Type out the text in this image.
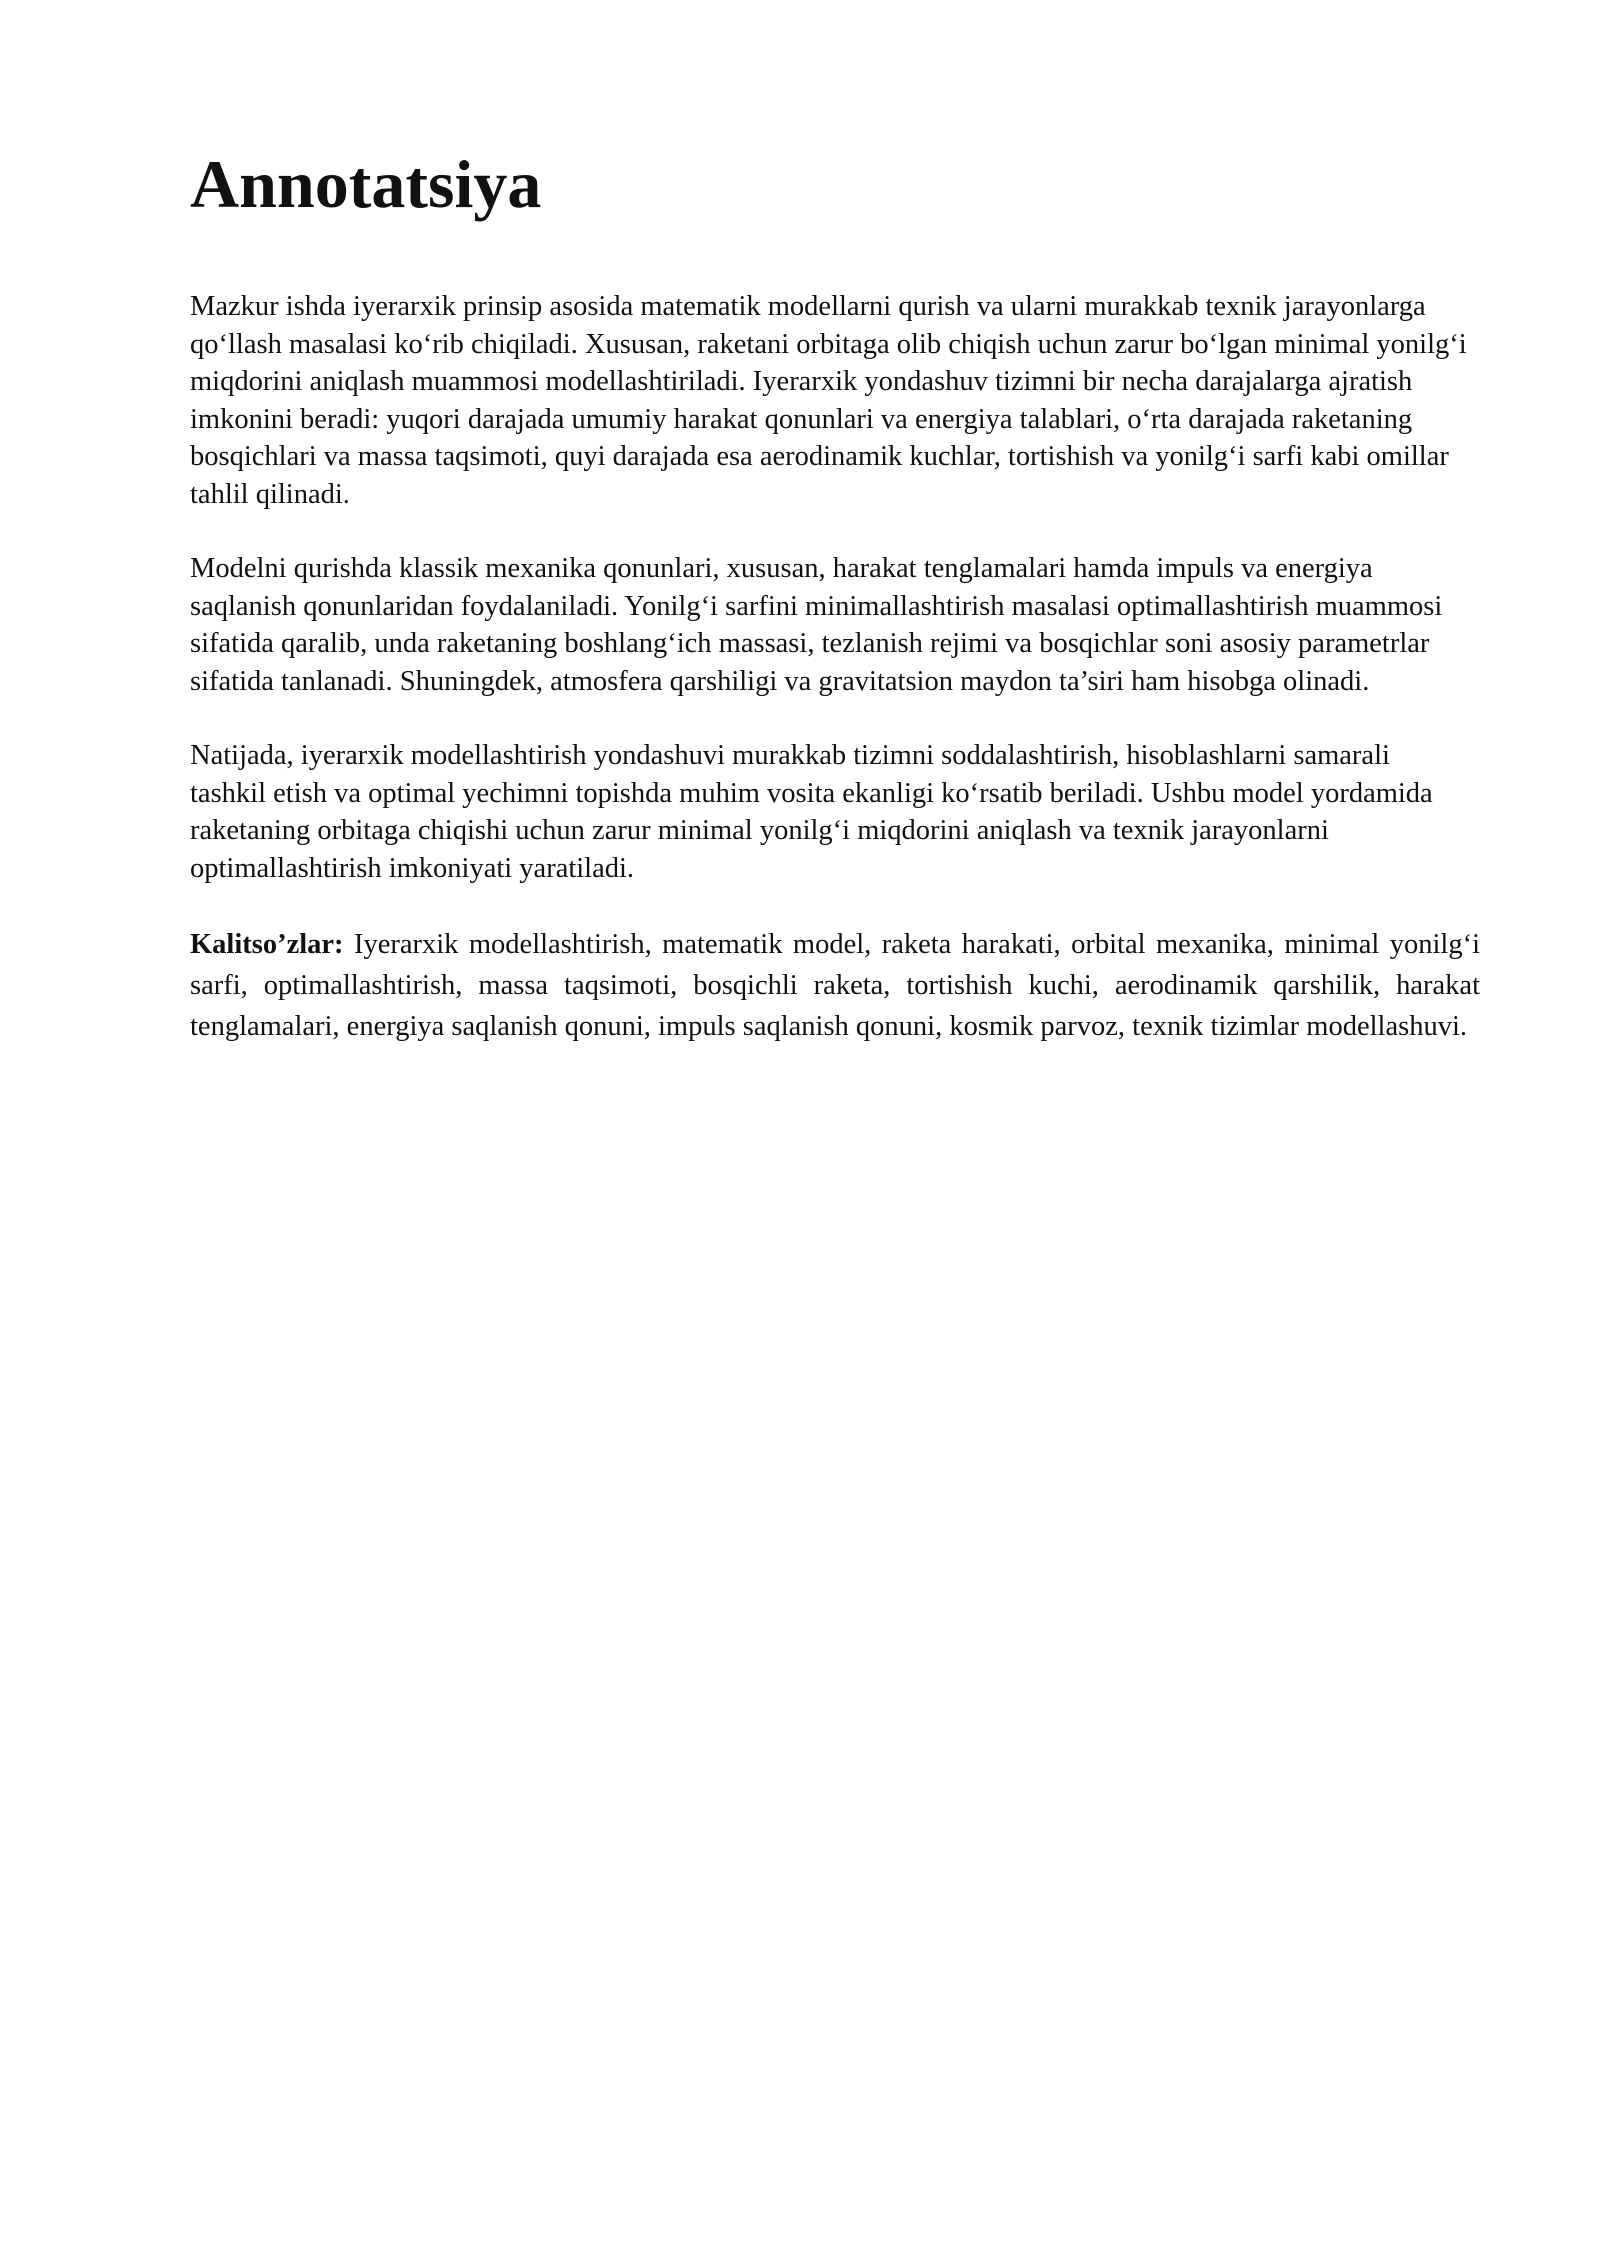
Annotatsiya

Mazkur ishda iyerarxik prinsip asosida matematik modellarni qurish va ularni murakkab texnik jarayonlarga qo‘llash masalasi ko‘rib chiqiladi. Xususan, raketani orbitaga olib chiqish uchun zarur bo‘lgan minimal yonilg‘i miqdorini aniqlash muammosi modellashtiriladi. Iyerarxik yondashuv tizimni bir necha darajalarga ajratish imkonini beradi: yuqori darajada umumiy harakat qonunlari va energiya talablari, o‘rta darajada raketaning bosqichlari va massa taqsimoti, quyi darajada esa aerodinamik kuchlar, tortishish va yonilg‘i sarfi kabi omillar tahlil qilinadi.

Modelni qurishda klassik mexanika qonunlari, xususan, harakat tenglamalari hamda impuls va energiya saqlanish qonunlaridan foydalaniladi. Yonilg‘i sarfini minimallashtirish masalasi optimallashtirish muammosi sifatida qaralib, unda raketaning boshlang‘ich massasi, tezlanish rejimi va bosqichlar soni asosiy parametrlar sifatida tanlanadi. Shuningdek, atmosfera qarshiligi va gravitatsion maydon ta’siri ham hisobga olinadi.

Natijada, iyerarxik modellashtirish yondashuvi murakkab tizimni soddalashtirish, hisoblashlarni samarali tashkil etish va optimal yechimni topishda muhim vosita ekanligi ko‘rsatib beriladi. Ushbu model yordamida raketaning orbitaga chiqishi uchun zarur minimal yonilg‘i miqdorini aniqlash va texnik jarayonlarni optimallashtirish imkoniyati yaratiladi.

Kalitso’zlar: Iyerarxik modellashtirish, matematik model, raketa harakati, orbital mexanika, minimal yonilg‘i sarfi, optimallashtirish, massa taqsimoti, bosqichli raketa, tortishish kuchi, aerodinamik qarshilik, harakat tenglamalari, energiya saqlanish qonuni, impuls saqlanish qonuni, kosmik parvoz, texnik tizimlar modellashuvi.
